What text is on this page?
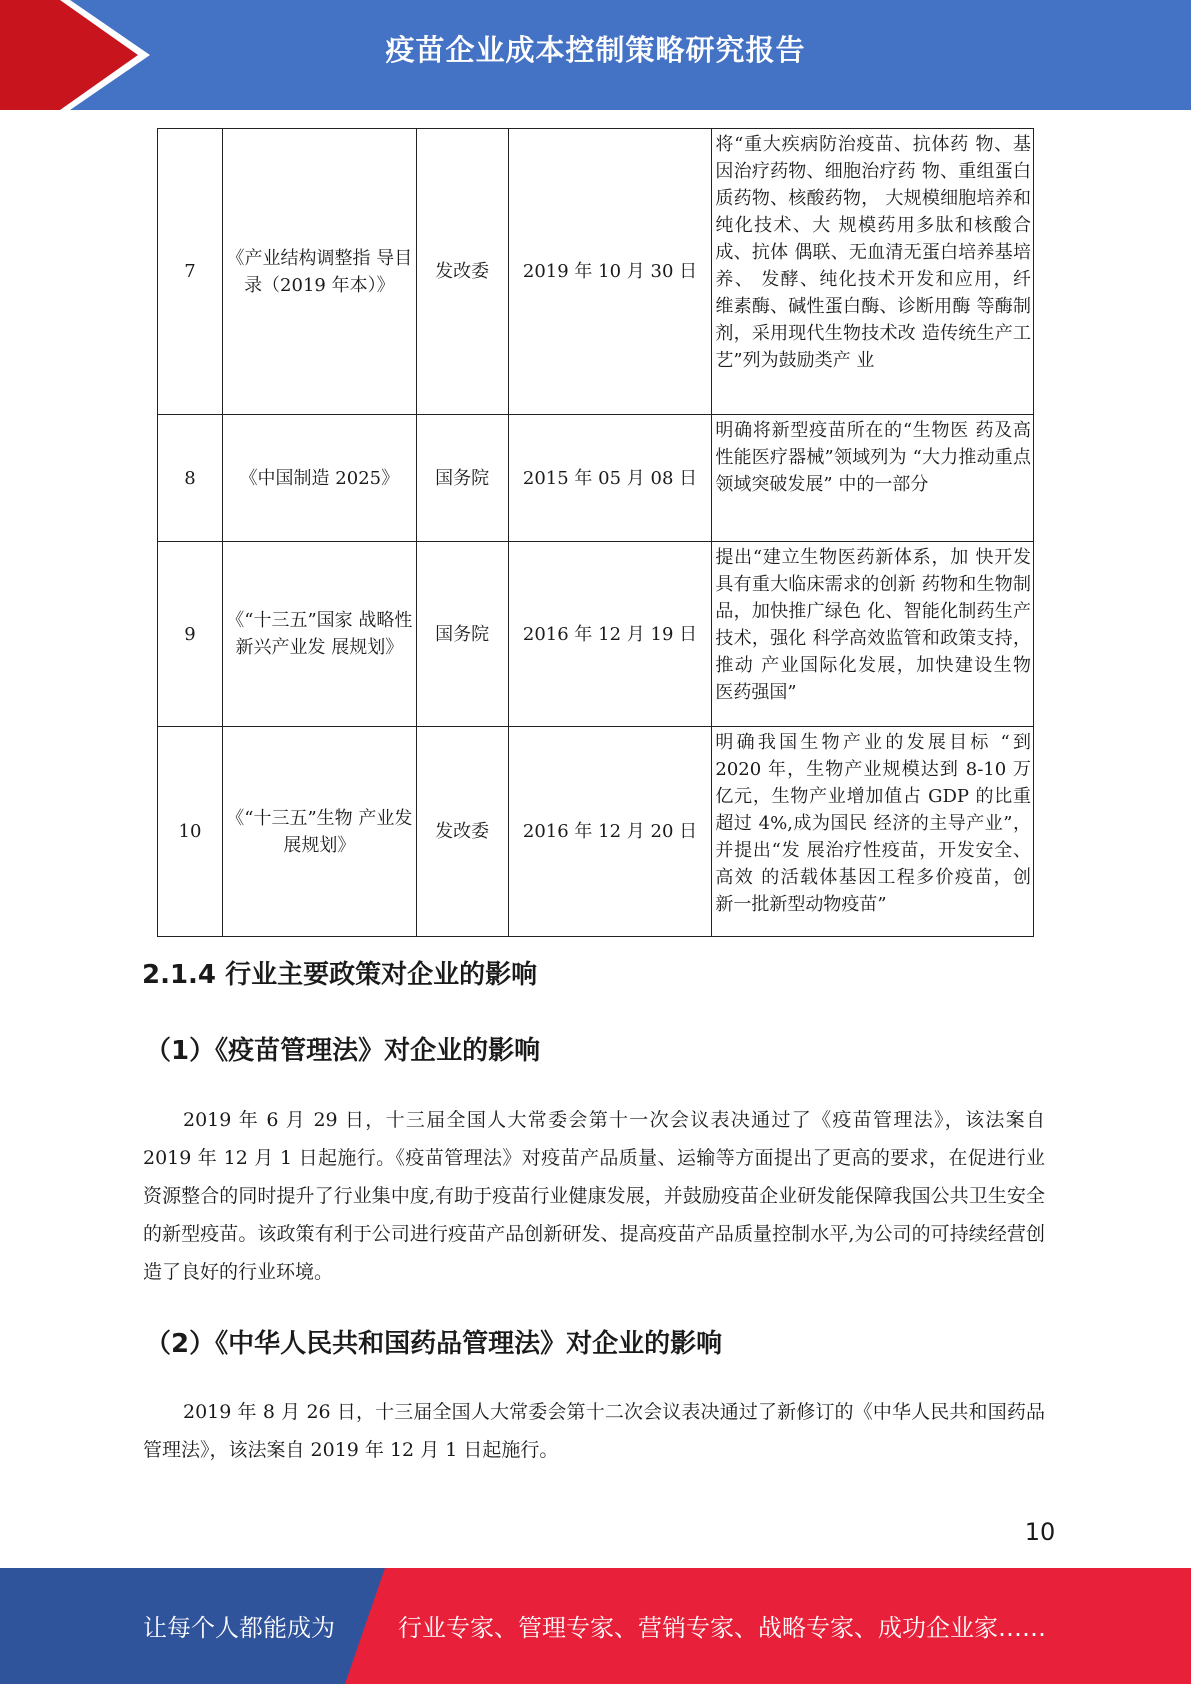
疫苗企业成本控制策略研究报告
7	《产业结构调整指 导目录（2019 年本）》	发改委	2019 年 10 月 30 日	将“重大疾病防治疫苗、抗体药 物、基因治疗药物、细胞治疗药 物、重组蛋白质药物、核酸药物， 大规模细胞培养和纯化技术、大 规模药用多肽和核酸合成、抗体 偶联、无血清无蛋白培养基培养、 发酵、纯化技术开发和应用，纤 维素酶、碱性蛋白酶、诊断用酶 等酶制剂，采用现代生物技术改 造传统生产工艺”列为鼓励类产 业
8	《中国制造 2025》	国务院	2015 年 05 月 08 日	明确将新型疫苗所在的“生物医 药及高性能医疗器械”领域列为 “大力推动重点领域突破发展” 中的一部分
9	《“十三五”国家 战略性新兴产业发 展规划》	国务院	2016 年 12 月 19 日	提出“建立生物医药新体系，加 快开发具有重大临床需求的创新 药物和生物制品，加快推广绿色 化、智能化制药生产技术，强化 科学高效监管和政策支持，推动 产业国际化发展，加快建设生物 医药强国”
10	《“十三五”生物 产业发展规划》	发改委	2016 年 12 月 20 日	明确我国生物产业的发展目标 “到 2020 年，生物产业规模达到 8-10 万亿元，生物产业增加值占 GDP 的比重超过 4%,成为国民 经济的主导产业”，并提出“发 展治疗性疫苗，开发安全、高效 的活载体基因工程多价疫苗，创 新一批新型动物疫苗”
2.1.4 行业主要政策对企业的影响
（1）《疫苗管理法》对企业的影响

2019 年 6 月 29 日，十三届全国人大常委会第十一次会议表决通过了《疫苗管理法》，该法案自 2019 年 12 月 1 日起施行。《疫苗管理法》对疫苗产品质量、运输等方面提出了更高的要求，在促进行业资源整合的同时提升了行业集中度,有助于疫苗行业健康发展，并鼓励疫苗企业研发能保障我国公共卫生安全的新型疫苗。该政策有利于公司进行疫苗产品创新研发、提高疫苗产品质量控制水平,为公司的可持续经营创造了良好的行业环境。

（2）《中华人民共和国药品管理法》对企业的影响

2019 年 8 月 26 日，十三届全国人大常委会第十二次会议表决通过了新修订的《中华人民共和国药品管理法》，该法案自 2019 年 12 月 1 日起施行。

10
让每个人都能成为	行业专家、管理专家、营销专家、战略专家、成功企业家……
